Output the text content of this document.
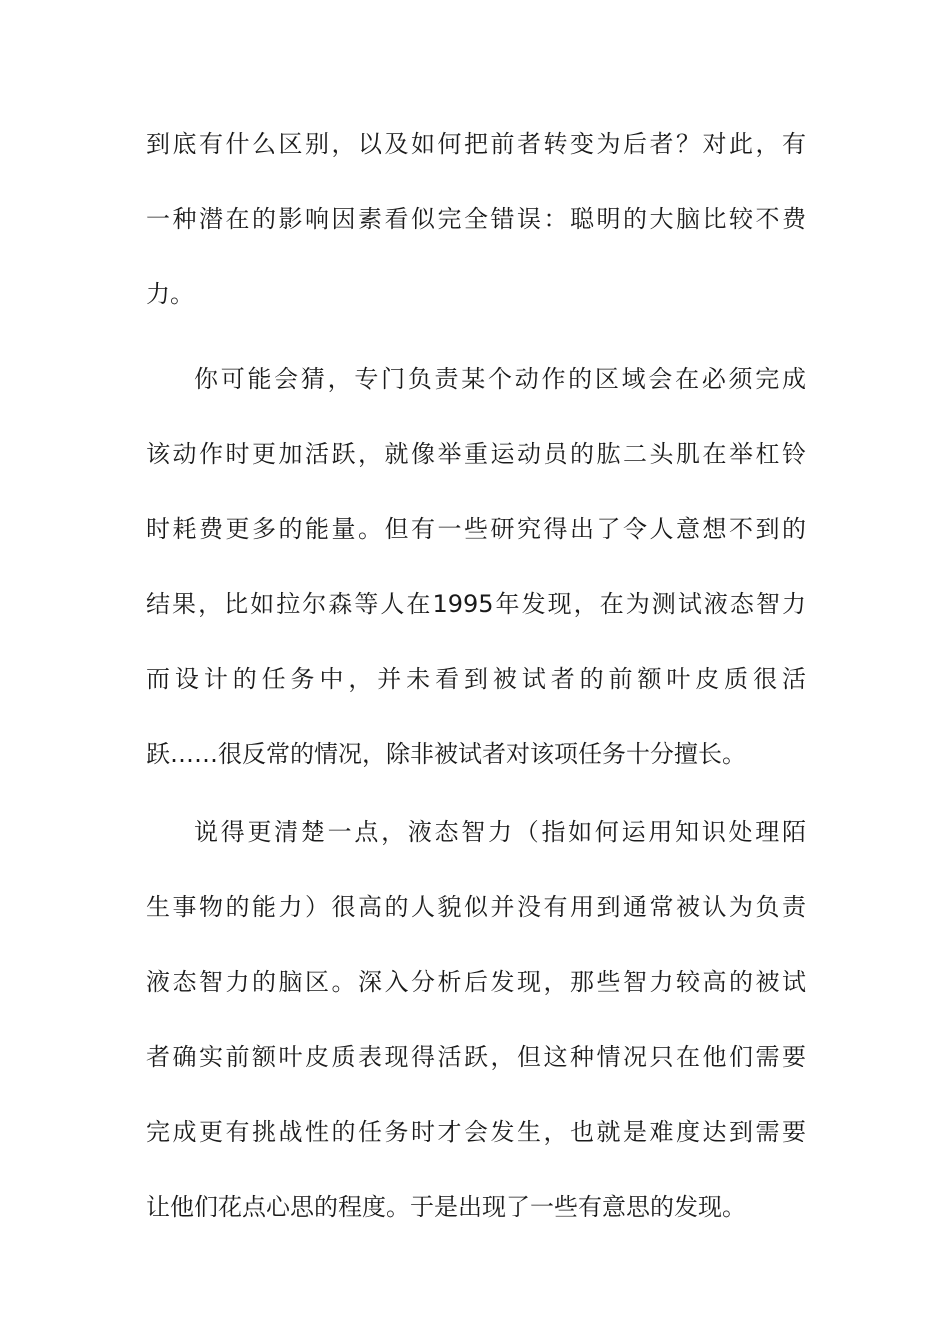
到底有什么区别，以及如何把前者转变为后者？对此，有
一种潜在的影响因素看似完全错误：聪明的大脑比较不费
力。
你可能会猜，专门负责某个动作的区域会在必须完成
该动作时更加活跃，就像举重运动员的肱二头肌在举杠铃
时耗费更多的能量。但有一些研究得出了令人意想不到的
结果，比如拉尔森等人在1995年发现，在为测试液态智力
而设计的任务中，并未看到被试者的前额叶皮质很活
跃……很反常的情况，除非被试者对该项任务十分擅长。
说得更清楚一点，液态智力（指如何运用知识处理陌
生事物的能力）很高的人貌似并没有用到通常被认为负责
液态智力的脑区。深入分析后发现，那些智力较高的被试
者确实前额叶皮质表现得活跃，但这种情况只在他们需要
完成更有挑战性的任务时才会发生，也就是难度达到需要
让他们花点心思的程度。于是出现了一些有意思的发现。
